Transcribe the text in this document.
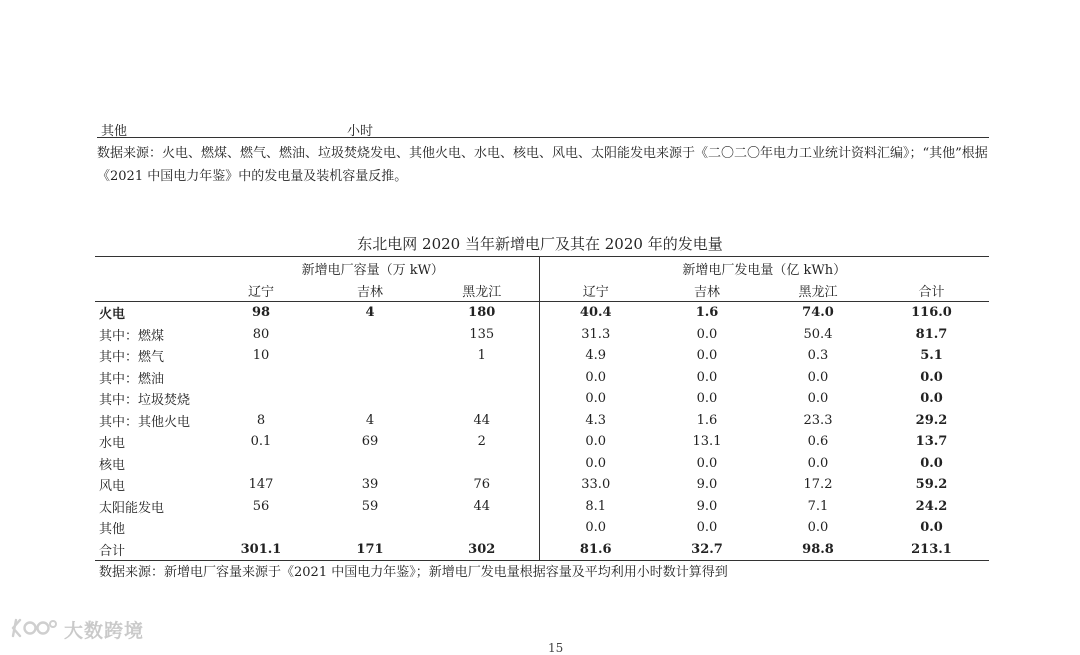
其他	小时
数据来源：火电、燃煤、燃气、燃油、垃圾焚烧发电、其他火电、水电、核电、风电、太阳能发电来源于《二〇二〇年电力工业统计资料汇编》；“其他”根据《2021 中国电力年鉴》中的发电量及装机容量反推。
东北电网 2020 当年新增电厂及其在 2020 年的发电量
	新增电厂容量（万 kW）			新增电厂发电量（亿 kWh）			
	辽宁	吉林	黑龙江	辽宁	吉林	黑龙江	合计
火电	98	4	180	40.4	1.6	74.0	116.0
其中：燃煤	80		135	31.3	0.0	50.4	81.7
其中：燃气	10		1	4.9	0.0	0.3	5.1
其中：燃油				0.0	0.0	0.0	0.0
其中：垃圾焚烧				0.0	0.0	0.0	0.0
其中：其他火电	8	4	44	4.3	1.6	23.3	29.2
水电	0.1	69	2	0.0	13.1	0.6	13.7
核电				0.0	0.0	0.0	0.0
风电	147	39	76	33.0	9.0	17.2	59.2
太阳能发电	56	59	44	8.1	9.0	7.1	24.2
其他				0.0	0.0	0.0	0.0
合计	301.1	171	302	81.6	32.7	98.8	213.1
数据来源：新增电厂容量来源于《2021 中国电力年鉴》；新增电厂发电量根据容量及平均利用小时数计算得到
大数跨境
15
